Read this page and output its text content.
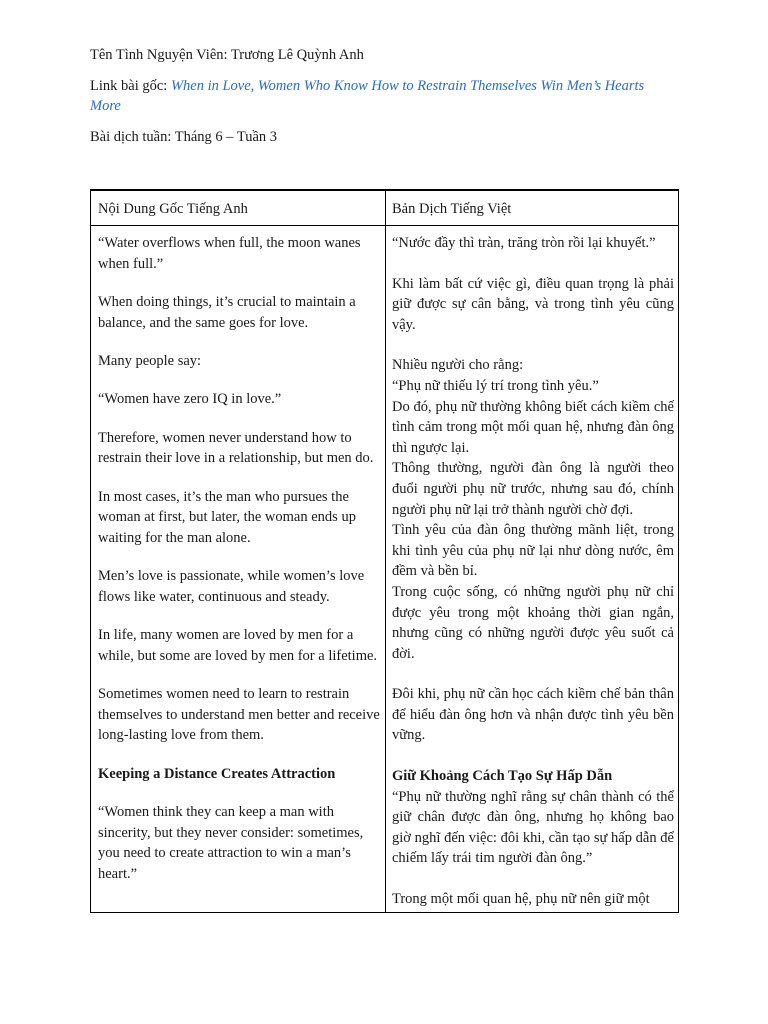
Tên Tình Nguyện Viên: Trương Lê Quỳnh Anh
Link bài gốc: When in Love, Women Who Know How to Restrain Themselves Win Men’s Hearts More
Bài dịch tuần: Tháng 6 – Tuần 3
Nội Dung Gốc Tiếng Anh	Bản Dịch Tiếng Việt

“Water overflows when full, the moon wanes when full.”

When doing things, it’s crucial to maintain a balance, and the same goes for love.

Many people say:

“Women have zero IQ in love.”

Therefore, women never understand how to restrain their love in a relationship, but men do.

In most cases, it’s the man who pursues the woman at first, but later, the woman ends up waiting for the man alone.

Men’s love is passionate, while women’s love flows like water, continuous and steady.

In life, many women are loved by men for a while, but some are loved by men for a lifetime.

Sometimes women need to learn to restrain themselves to understand men better and receive long-lasting love from them.

Keeping a Distance Creates Attraction

“Women think they can keep a man with sincerity, but they never consider: sometimes, you need to create attraction to win a man’s heart.”

“Nước đầy thì tràn, trăng tròn rồi lại khuyết.”

Khi làm bất cứ việc gì, điều quan trọng là phải giữ được sự cân bằng, và trong tình yêu cũng vậy.

Nhiều người cho rằng:

“Phụ nữ thiếu lý trí trong tình yêu.”

Do đó, phụ nữ thường không biết cách kiềm chế tình cảm trong một mối quan hệ, nhưng đàn ông thì ngược lại.

Thông thường, người đàn ông là người theo đuổi người phụ nữ trước, nhưng sau đó, chính người phụ nữ lại trở thành người chờ đợi.

Tình yêu của đàn ông thường mãnh liệt, trong khi tình yêu của phụ nữ lại như dòng nước, êm đềm và bền bỉ.

Trong cuộc sống, có những người phụ nữ chỉ được yêu trong một khoảng thời gian ngắn, nhưng cũng có những người được yêu suốt cả đời.

Đôi khi, phụ nữ cần học cách kiềm chế bản thân để hiểu đàn ông hơn và nhận được tình yêu bền vững.

Giữ Khoảng Cách Tạo Sự Hấp Dẫn

“Phụ nữ thường nghĩ rằng sự chân thành có thể giữ chân được đàn ông, nhưng họ không bao giờ nghĩ đến việc: đôi khi, cần tạo sự hấp dẫn để chiếm lấy trái tim người đàn ông.”

Trong một mối quan hệ, phụ nữ nên giữ một
